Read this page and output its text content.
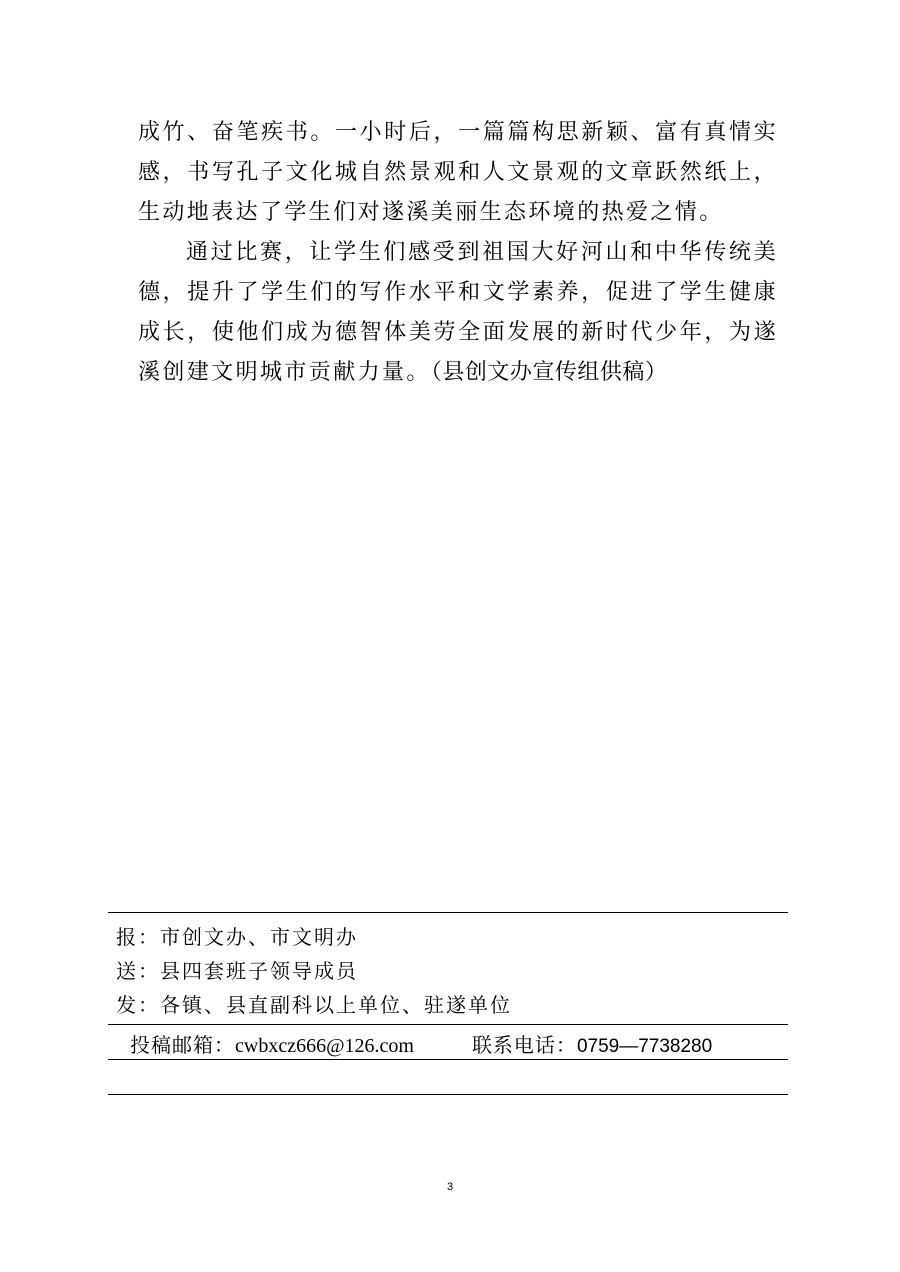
成竹、奋笔疾书。一小时后，一篇篇构思新颖、富有真情实感，书写孔子文化城自然景观和人文景观的文章跃然纸上，生动地表达了学生们对遂溪美丽生态环境的热爱之情。

通过比赛，让学生们感受到祖国大好河山和中华传统美德，提升了学生们的写作水平和文学素养，促进了学生健康成长，使他们成为德智体美劳全面发展的新时代少年，为遂溪创建文明城市贡献力量。（县创文办宣传组供稿）

报：市创文办、市文明办
送：县四套班子领导成员
发：各镇、县直副科以上单位、驻遂单位
投稿邮箱：cwbxcz666@126.com	联系电话：0759—7738280
3
